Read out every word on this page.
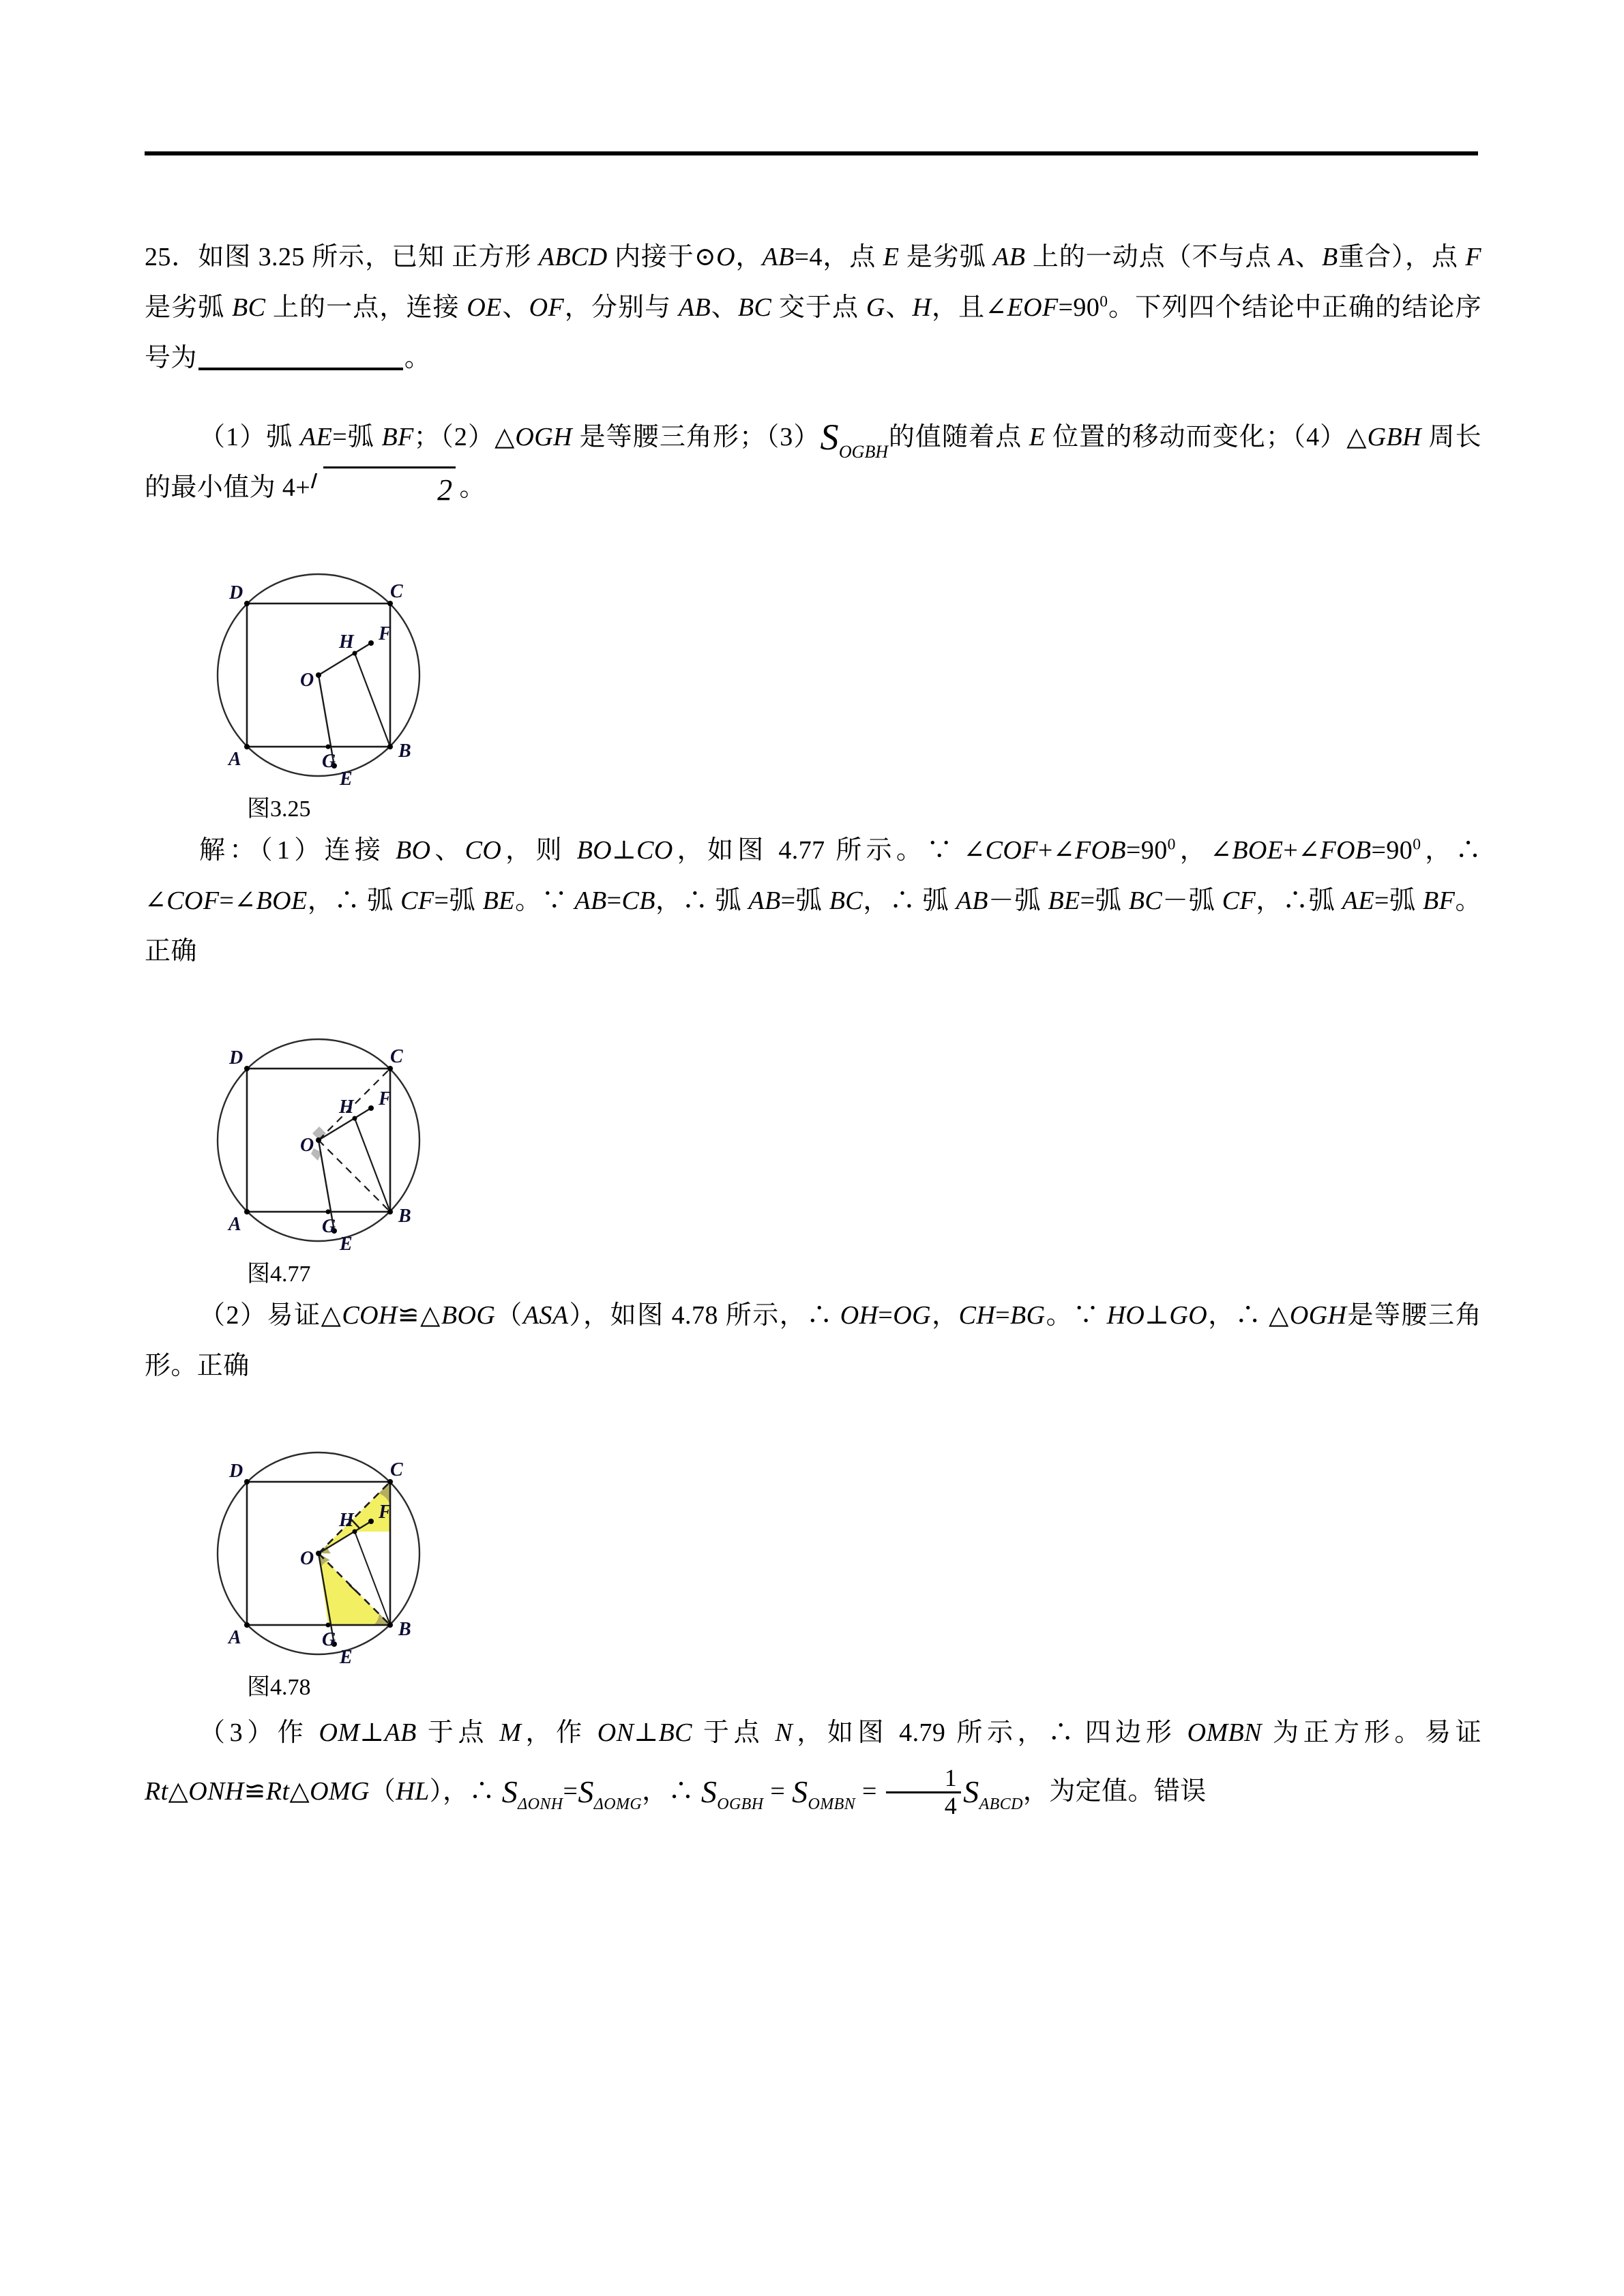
25．如图 3.25 所示，已知 正方形 ABCD 内接于⊙O，AB=4，点 E 是劣弧 AB 上的一动点（不与点 A、B重合），点 F 是劣弧 BC 上的一点，连接 OE、OF，分别与 AB、BC 交于点 G、H，且$\angle EOF=90^0$。下列四个结论中正确的结论序号为	。

（1）弧 AE=弧 BF；（2）△OGH 是等腰三角形；$(3)S_{OGBH}$的值随着点 E 位置的移动而变化；（4）△GBH 周长的最小值为 4+	2 。

D	C
A	B
G
E
F
H
O
图3.25

解：（1）连接 BO、CO，则 BO⊥CO，如图 4.77 所示。∵ $\angle COF+\angle FOB=90^0$，$\angle BOE+\angle FOB=90^0$，∴ ∠COF=∠BOE，∴ 弧 CF=弧 BE。∵ AB=CB，∴ 弧 AB=弧 BC，∴ 弧 AB－弧 BE=弧 BC－弧 CF，∴弧 AE=弧 BF。正确

D	C
A	B
G
E
F
H
O
图4.77

（2）易证△COH≌△BOG（ASA），如图 4.78 所示，∴ OH=OG，CH=BG。∵ HO⊥GO，∴ △OGH是等腰三角形。正确

D	C
A	B
G
E
F
H
O
图4.78

（3）作 OM⊥AB 于点 M，作 ON⊥BC 于点 N，如图 4.79 所示，∴ 四边形 OMBN 为正方形。易证 Rt△ONH≌Rt△OMG（HL），∴ $S_{\Delta ONH}=S_{\Delta OMG}$，∴ $S_{OGBH} = S_{OMBN} = \frac{1}{4} S_{ABCD}$，为定值。错误
